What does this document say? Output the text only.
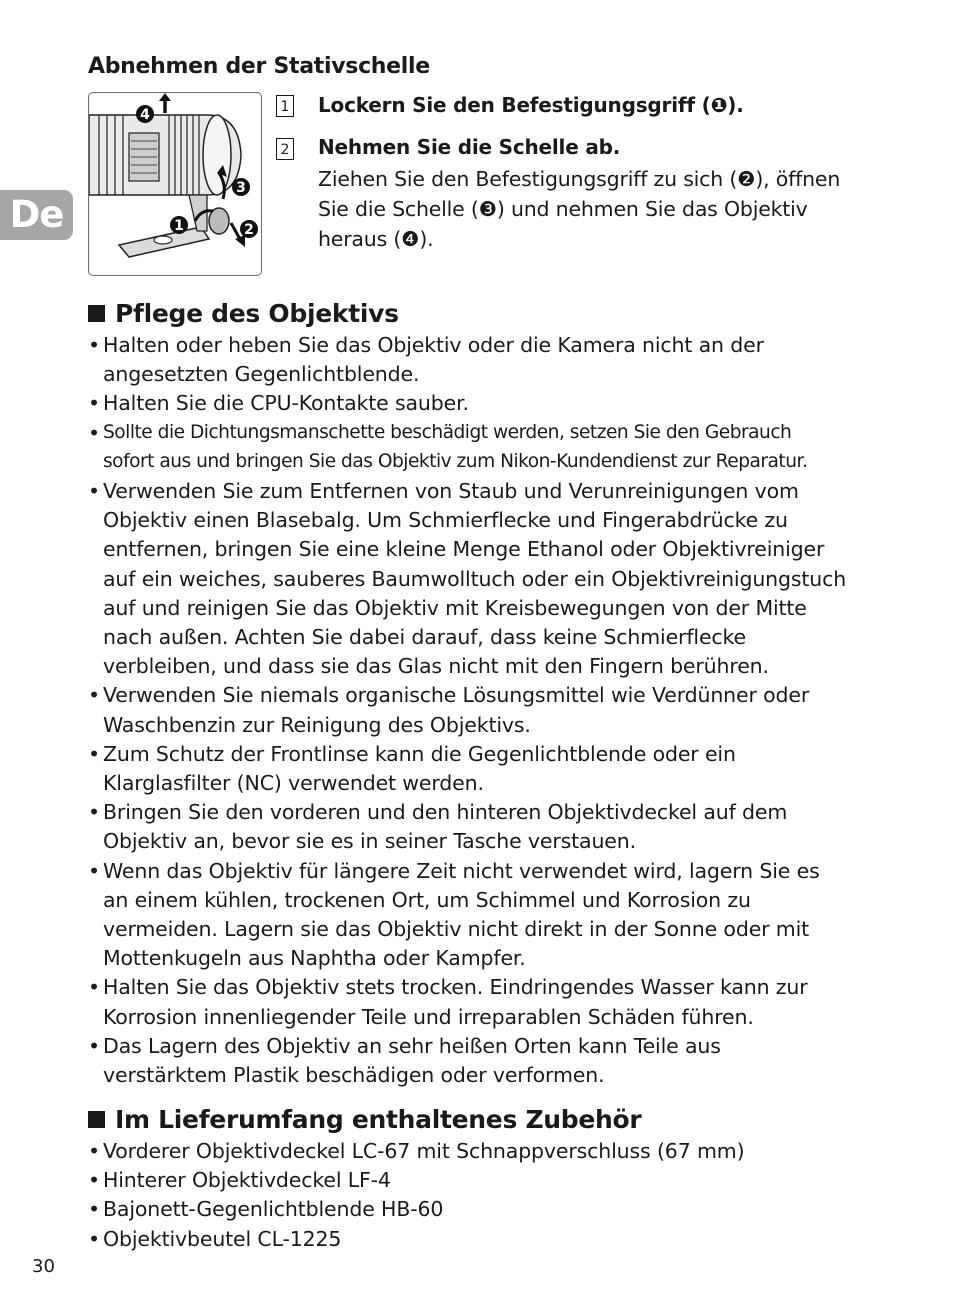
De
Abnehmen der Stativschelle
4
3
1	2
1 Lockern Sie den Befestigungsgriff (❶).
2 Nehmen Sie die Schelle ab.
Ziehen Sie den Befestigungsgriff zu sich (❷), öffnen
Sie die Schelle (❸) und nehmen Sie das Objektiv
heraus (❹).
Pflege des Objektivs
• Halten oder heben Sie das Objektiv oder die Kamera nicht an der
angesetzten Gegenlichtblende.
• Halten Sie die CPU-Kontakte sauber.
• Sollte die Dichtungsmanschette beschädigt werden, setzen Sie den Gebrauch
sofort aus und bringen Sie das Objektiv zum Nikon-Kundendienst zur Reparatur.
• Verwenden Sie zum Entfernen von Staub und Verunreinigungen vom
Objektiv einen Blasebalg. Um Schmierflecke und Fingerabdrücke zu
entfernen, bringen Sie eine kleine Menge Ethanol oder Objektivreiniger
auf ein weiches, sauberes Baumwolltuch oder ein Objektivreinigungstuch
auf und reinigen Sie das Objektiv mit Kreisbewegungen von der Mitte
nach außen. Achten Sie dabei darauf, dass keine Schmierflecke
verbleiben, und dass sie das Glas nicht mit den Fingern berühren.
• Verwenden Sie niemals organische Lösungsmittel wie Verdünner oder
Waschbenzin zur Reinigung des Objektivs.
• Zum Schutz der Frontlinse kann die Gegenlichtblende oder ein
Klarglasfilter (NC) verwendet werden.
• Bringen Sie den vorderen und den hinteren Objektivdeckel auf dem
Objektiv an, bevor sie es in seiner Tasche verstauen.
• Wenn das Objektiv für längere Zeit nicht verwendet wird, lagern Sie es
an einem kühlen, trockenen Ort, um Schimmel und Korrosion zu
vermeiden. Lagern sie das Objektiv nicht direkt in der Sonne oder mit
Mottenkugeln aus Naphtha oder Kampfer.
• Halten Sie das Objektiv stets trocken. Eindringendes Wasser kann zur
Korrosion innenliegender Teile und irreparablen Schäden führen.
• Das Lagern des Objektiv an sehr heißen Orten kann Teile aus
verstärktem Plastik beschädigen oder verformen.
Im Lieferumfang enthaltenes Zubehör
• Vorderer Objektivdeckel LC-67 mit Schnappverschluss (67 mm)
• Hinterer Objektivdeckel LF-4
• Bajonett-Gegenlichtblende HB-60
• Objektivbeutel CL-1225
30
